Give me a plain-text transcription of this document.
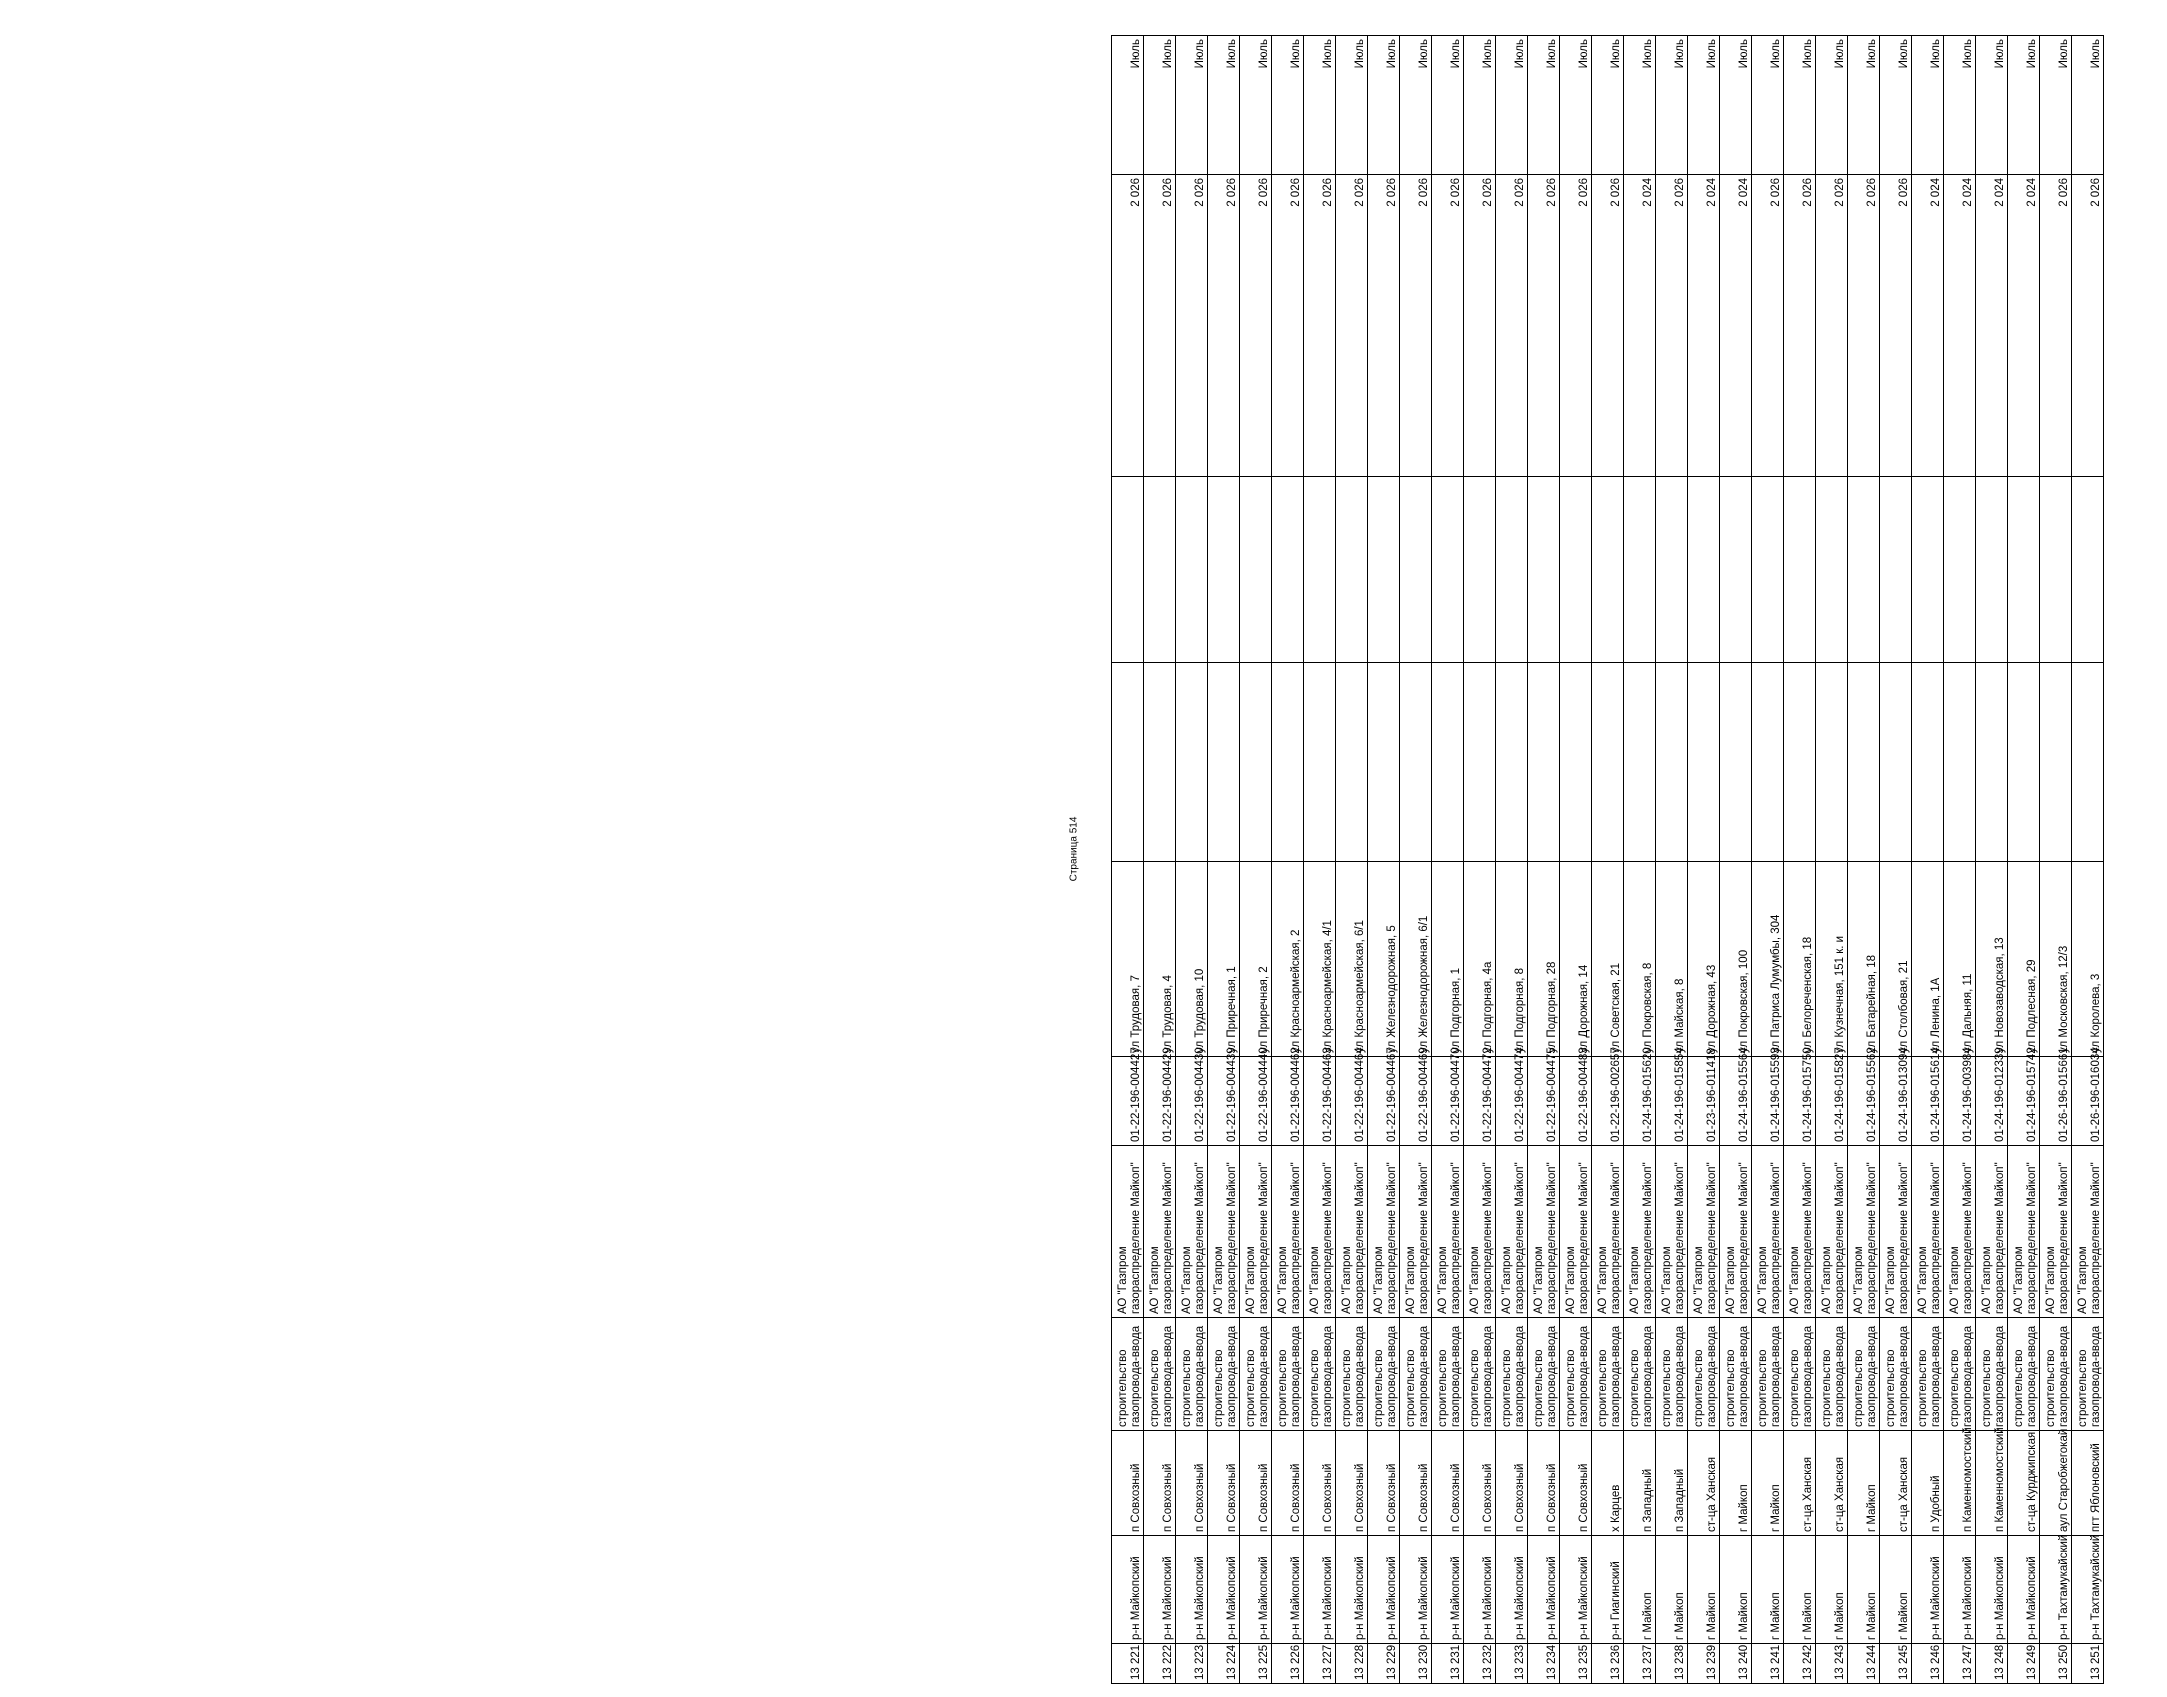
13 221	р-н Майкопский	п Совхозный	строительство газопровода-ввода	АО "Газпром газораспределение Майкоп"	01-22-196-004427	ул Трудовая, 7			2 026	Июль
13 222	р-н Майкопский	п Совхозный	строительство газопровода-ввода	АО "Газпром газораспределение Майкоп"	01-22-196-004429	ул Трудовая, 4			2 026	Июль
13 223	р-н Майкопский	п Совхозный	строительство газопровода-ввода	АО "Газпром газораспределение Майкоп"	01-22-196-004430	ул Трудовая, 10			2 026	Июль
13 224	р-н Майкопский	п Совхозный	строительство газопровода-ввода	АО "Газпром газораспределение Майкоп"	01-22-196-004439	ул Приречная, 1			2 026	Июль
13 225	р-н Майкопский	п Совхозный	строительство газопровода-ввода	АО "Газпром газораспределение Майкоп"	01-22-196-004440	ул Приречная, 2			2 026	Июль
13 226	р-н Майкопский	п Совхозный	строительство газопровода-ввода	АО "Газпром газораспределение Майкоп"	01-22-196-004462	ул Красноармейская, 2			2 026	Июль
13 227	р-н Майкопский	п Совхозный	строительство газопровода-ввода	АО "Газпром газораспределение Майкоп"	01-22-196-004463	ул Красноармейская, 4/1			2 026	Июль
13 228	р-н Майкопский	п Совхозный	строительство газопровода-ввода	АО "Газпром газораспределение Майкоп"	01-22-196-004464	ул Красноармейская, 6/1			2 026	Июль
13 229	р-н Майкопский	п Совхозный	строительство газопровода-ввода	АО "Газпром газораспределение Майкоп"	01-22-196-004467	ул Железнодорожная, 5			2 026	Июль
13 230	р-н Майкопский	п Совхозный	строительство газопровода-ввода	АО "Газпром газораспределение Майкоп"	01-22-196-004469	ул Железнодорожная, 6/1			2 026	Июль
13 231	р-н Майкопский	п Совхозный	строительство газопровода-ввода	АО "Газпром газораспределение Майкоп"	01-22-196-004470	ул Подгорная, 1			2 026	Июль
13 232	р-н Майкопский	п Совхозный	строительство газопровода-ввода	АО "Газпром газораспределение Майкоп"	01-22-196-004472	ул Подгорная, 4а			2 026	Июль
13 233	р-н Майкопский	п Совхозный	строительство газопровода-ввода	АО "Газпром газораспределение Майкоп"	01-22-196-004474	ул Подгорная, 8			2 026	Июль
13 234	р-н Майкопский	п Совхозный	строительство газопровода-ввода	АО "Газпром газораспределение Майкоп"	01-22-196-004475	ул Подгорная, 28			2 026	Июль
13 235	р-н Майкопский	п Совхозный	строительство газопровода-ввода	АО "Газпром газораспределение Майкоп"	01-22-196-004483	ул Дорожная, 14			2 026	Июль
13 236	р-н Гиагинский	х Карцев	строительство газопровода-ввода	АО "Газпром газораспределение Майкоп"	01-22-196-002657	ул Советская, 21			2 026	Июль
13 237	г Майкоп	п Западный	строительство газопровода-ввода	АО "Газпром газораспределение Майкоп"	01-24-196-015620	ул Покровская, 8			2 024	Июль
13 238	г Майкоп	п Западный	строительство газопровода-ввода	АО "Газпром газораспределение Майкоп"	01-24-196-015854	ул Майская, 8			2 026	Июль
13 239	г Майкоп	ст-ца Ханская	строительство газопровода-ввода	АО "Газпром газораспределение Майкоп"	01-23-196-011418	ул Дорожная, 43			2 024	Июль
13 240	г Майкоп	г Майкоп	строительство газопровода-ввода	АО "Газпром газораспределение Майкоп"	01-24-196-015564	ул Покровская, 100			2 024	Июль
13 241	г Майкоп	г Майкоп	строительство газопровода-ввода	АО "Газпром газораспределение Майкоп"	01-24-196-015593	ул Патриса Лумумбы, 304			2 026	Июль
13 242	г Майкоп	ст-ца Ханская	строительство газопровода-ввода	АО "Газпром газораспределение Майкоп"	01-24-196-015750	ул Белореченская, 18			2 026	Июль
13 243	г Майкоп	ст-ца Ханская	строительство газопровода-ввода	АО "Газпром газораспределение Майкоп"	01-24-196-015827	ул Кузнечная, 151 к. и			2 026	Июль
13 244	г Майкоп	г Майкоп	строительство газопровода-ввода	АО "Газпром газораспределение Майкоп"	01-24-196-015562	ул Батарейная, 18			2 026	Июль
13 245	г Майкоп	ст-ца Ханская	строительство газопровода-ввода	АО "Газпром газораспределение Майкоп"	01-24-196-013094	ул Столбовая, 21			2 026	Июль
13 246	р-н Майкопский	п Удобный	строительство газопровода-ввода	АО "Газпром газораспределение Майкоп"	01-24-196-015614	ул Ленина, 1А			2 024	Июль
13 247	р-н Майкопский	п Каменномостский	строительство газопровода-ввода	АО "Газпром газораспределение Майкоп"	01-24-196-003984	ул Дальняя, 11			2 024	Июль
13 248	р-н Майкопский	п Каменномостский	строительство газопровода-ввода	АО "Газпром газораспределение Майкоп"	01-24-196-012339	ул Новозаводская, 13			2 024	Июль
13 249	р-н Майкопский	ст-ца Курджипская	строительство газопровода-ввода	АО "Газпром газораспределение Майкоп"	01-24-196-015742	ул Подлесная, 29			2 024	Июль
13 250	р-н Тахтамукайский	аул Старобжегокай	строительство газопровода-ввода	АО "Газпром газораспределение Майкоп"	01-26-196-015661	ул Московская, 12/3			2 026	Июль
13 251	р-н Тахтамукайский	пгт Яблоновский	строительство газопровода-ввода	АО "Газпром газораспределение Майкоп"	01-26-196-016034	ул Королева, 3			2 026	Июль
Страница 514
